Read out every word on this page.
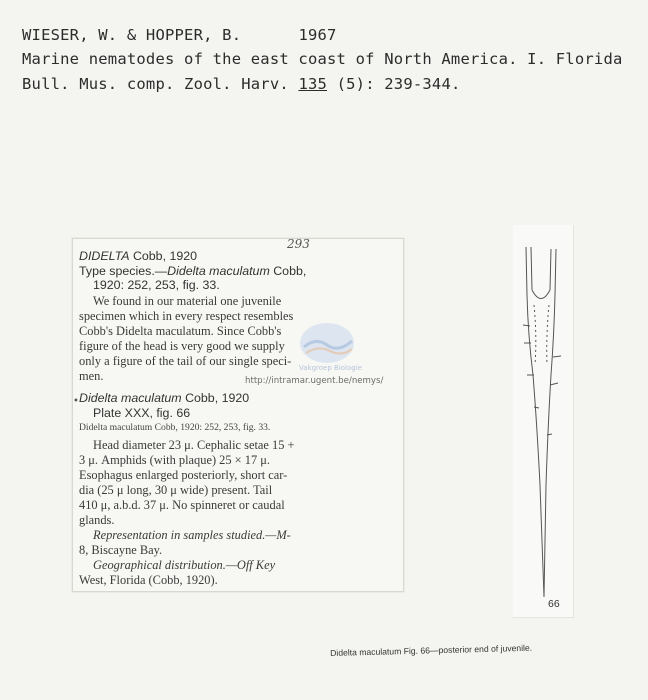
WIESER, W. & HOPPER, B.	1967
Marine nematodes of the east coast of North America. I. Florida
Bull. Mus. comp. Zool. Harv. 135 (5): 239-344.
293
DIDELTA Cobb, 1920
Type species.—Didelta maculatum Cobb,
1920: 252, 253, fig. 33.
We found in our material one juvenile
specimen which in every respect resembles
Cobb's Didelta maculatum. Since Cobb's
figure of the head is very good we supply
only a figure of the tail of our single speci-
men.
Vakgroep Biologie
http://intramar.ugent.be/nemys/
• Didelta maculatum Cobb, 1920
Plate XXX, fig. 66
Didelta maculatum Cobb, 1920: 252, 253, fig. 33.
Head diameter 23 μ. Cephalic setae 15 +
3 μ. Amphids (with plaque) 25 × 17 μ.
Esophagus enlarged posteriorly, short car-
dia (25 μ long, 30 μ wide) present. Tail
410 μ, a.b.d. 37 μ. No spinneret or caudal
glands.
Representation in samples studied.—M-
8, Biscayne Bay.
Geographical distribution.—Off Key
West, Florida (Cobb, 1920).
66
Didelta maculatum Fig. 66—posterior end of juvenile.
